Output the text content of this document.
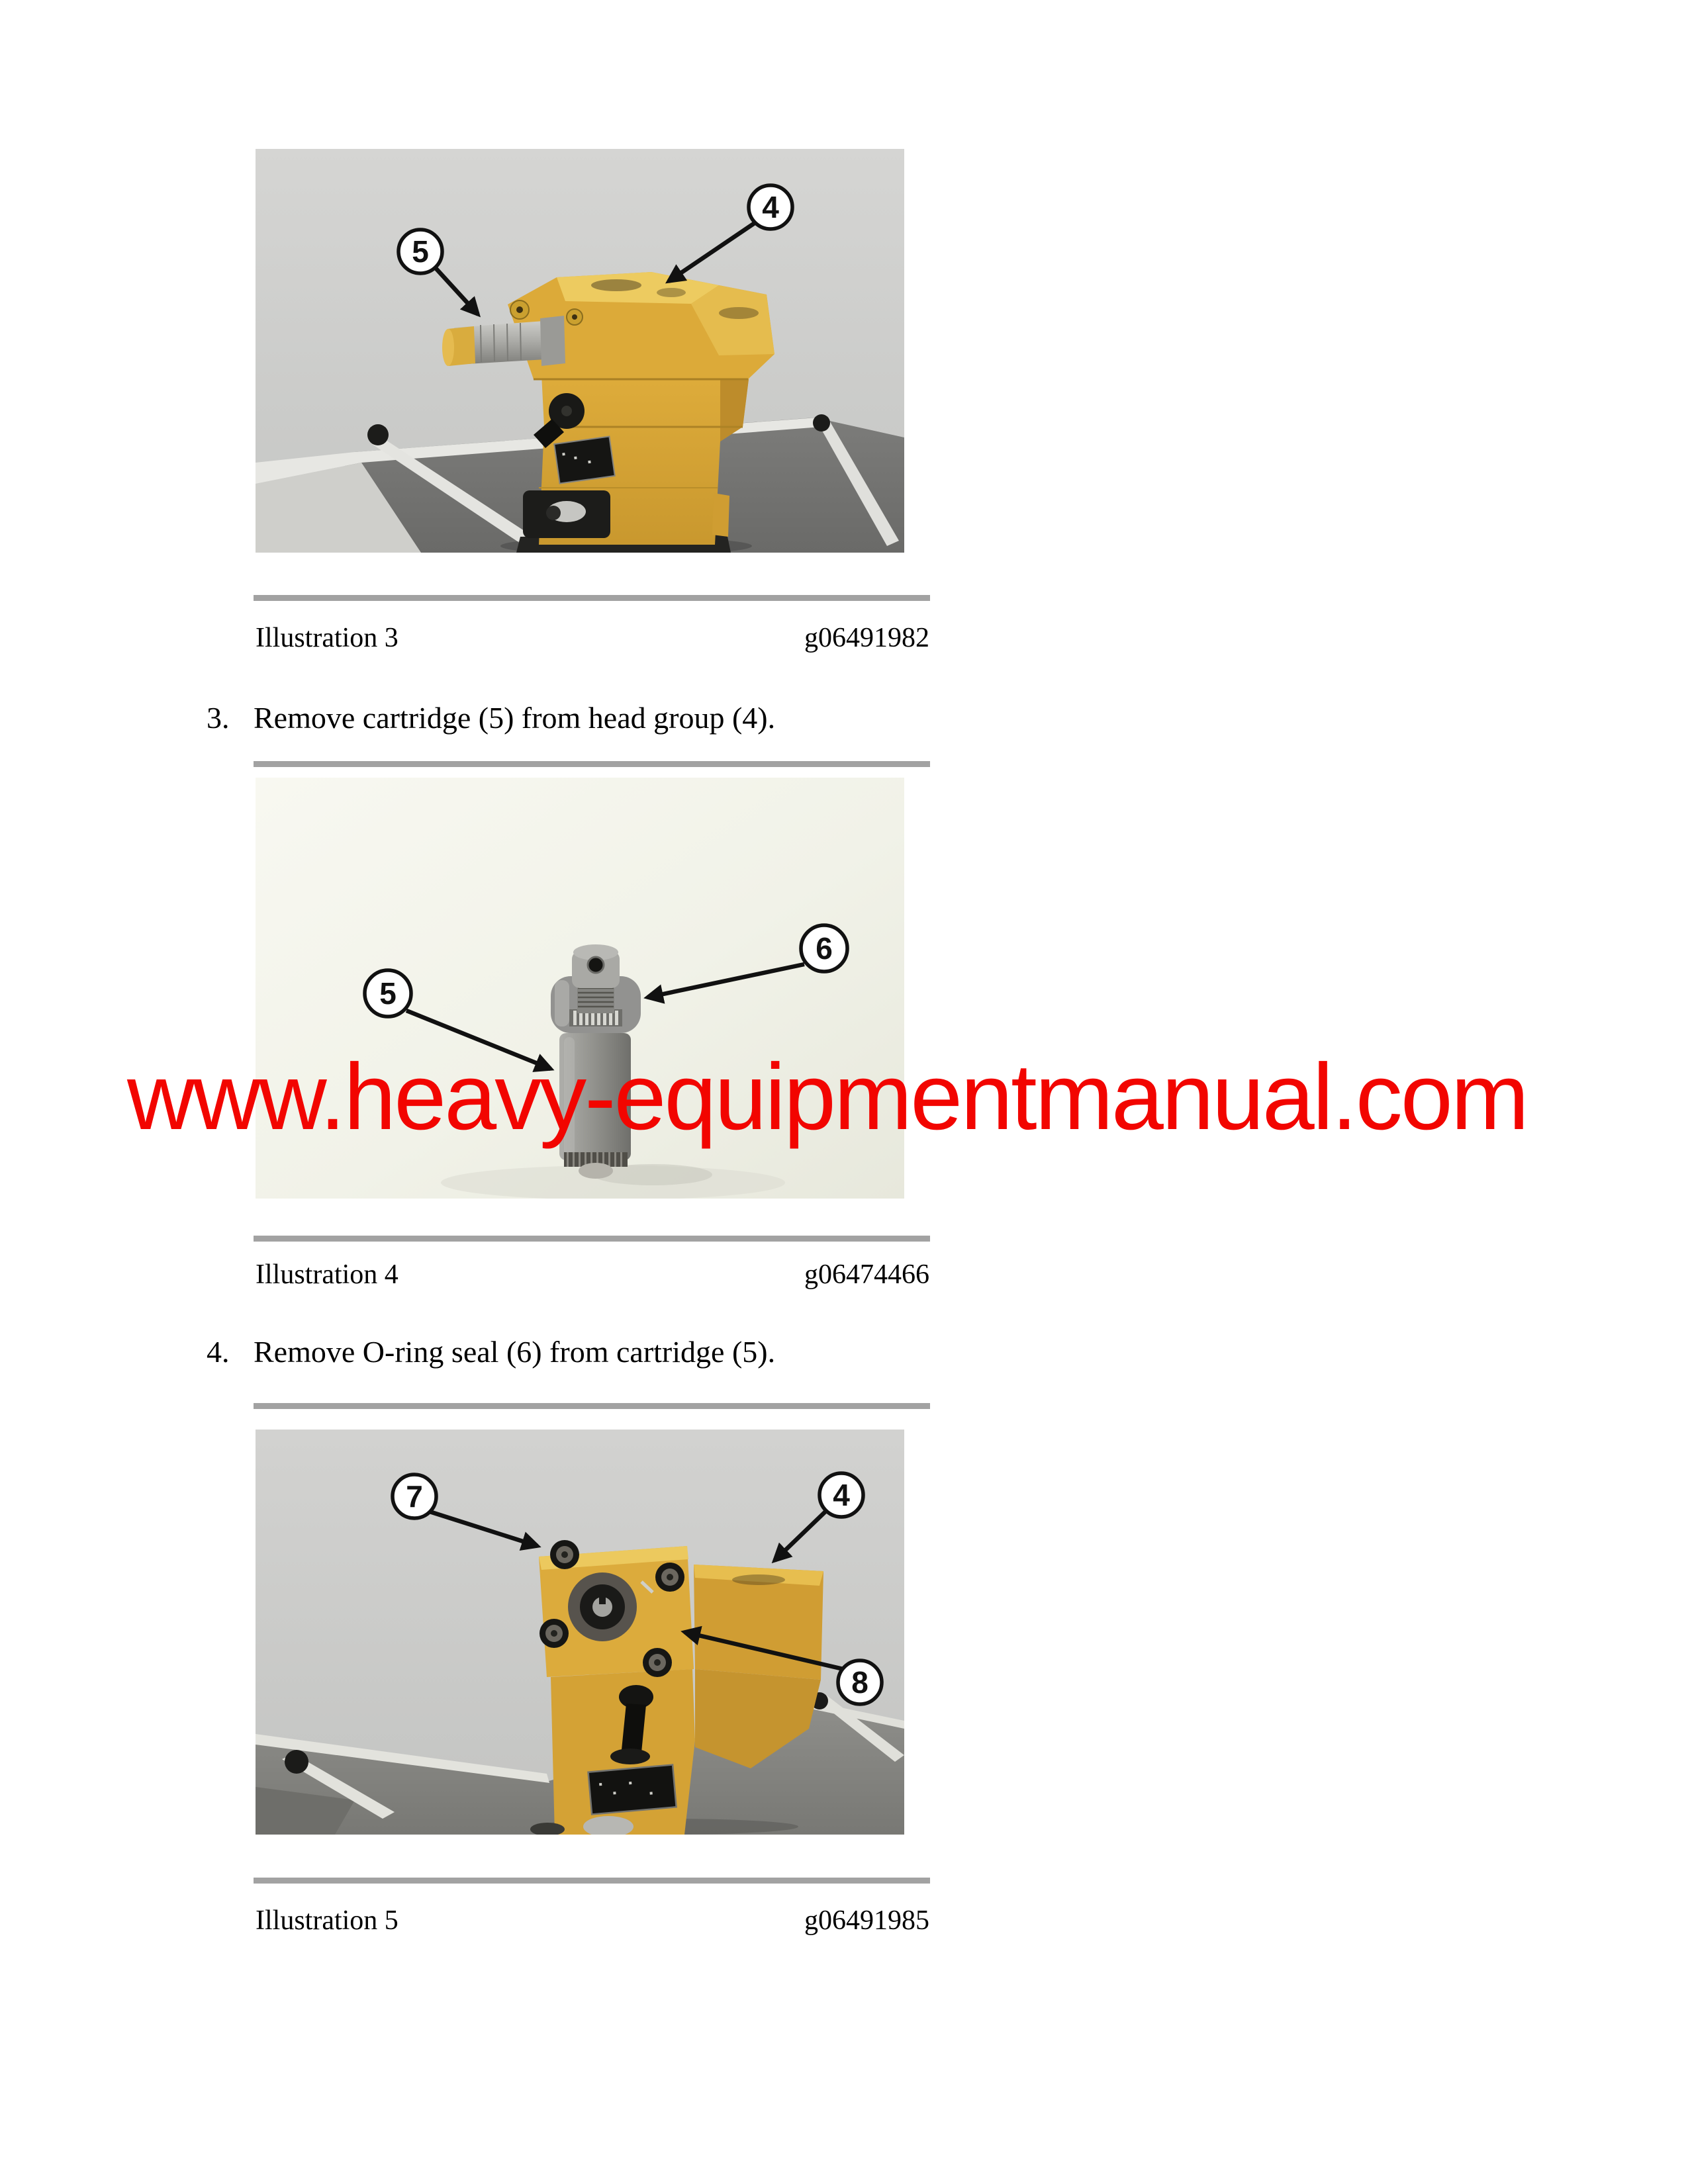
5
4
Illustration 3	g06491982
3. Remove cartridge (5) from head group (4).
5
6
Illustration 4	g06474466
4. Remove O-ring seal (6) from cartridge (5).
7	4
8
Illustration 5	g06491985
www.heavy-equipmentmanual.com
